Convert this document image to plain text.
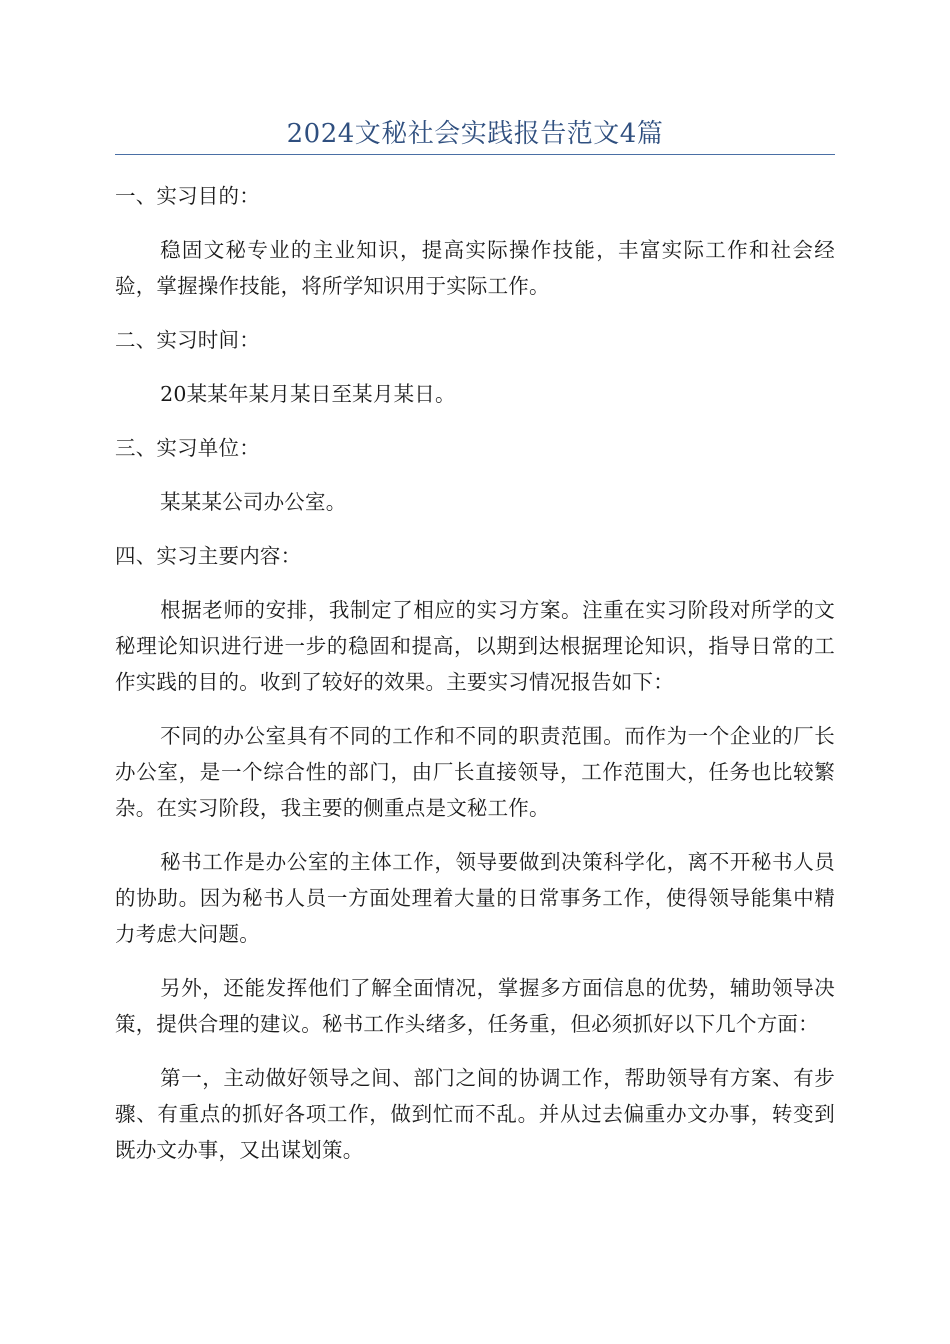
2024文秘社会实践报告范文4篇

一、实习目的：

稳固文秘专业的主业知识，提高实际操作技能，丰富实际工作和社会经验，掌握操作技能，将所学知识用于实际工作。

二、实习时间：

20某某年某月某日至某月某日。

三、实习单位：

某某某公司办公室。

四、实习主要内容：

根据老师的安排，我制定了相应的实习方案。注重在实习阶段对所学的文秘理论知识进行进一步的稳固和提高，以期到达根据理论知识，指导日常的工作实践的目的。收到了较好的效果。主要实习情况报告如下：

不同的办公室具有不同的工作和不同的职责范围。而作为一个企业的厂长办公室，是一个综合性的部门，由厂长直接领导，工作范围大，任务也比较繁杂。在实习阶段，我主要的侧重点是文秘工作。

秘书工作是办公室的主体工作，领导要做到决策科学化，离不开秘书人员的协助。因为秘书人员一方面处理着大量的日常事务工作，使得领导能集中精力考虑大问题。

另外，还能发挥他们了解全面情况，掌握多方面信息的优势，辅助领导决策，提供合理的建议。秘书工作头绪多，任务重，但必须抓好以下几个方面：

第一，主动做好领导之间、部门之间的协调工作，帮助领导有方案、有步骤、有重点的抓好各项工作，做到忙而不乱。并从过去偏重办文办事，转变到既办文办事，又出谋划策。
